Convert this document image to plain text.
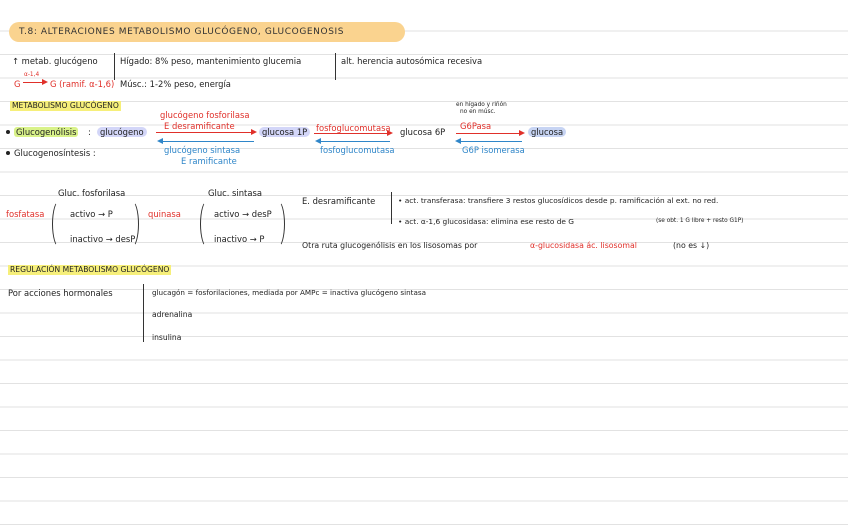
T.8: ALTERACIONES METABOLISMO GLUCÓGENO, GLUCOGENOSIS
↑ metab. glucógeno	Hígado: 8% peso, mantenimiento glucemia	alt. herencia autosómica recesiva
G
α-1,4
G (ramif. α-1,6) Músc.: 1-2% peso, energía
METABOLISMO GLUCÓGENO
Glucogenólisis :	glucógeno
glucógeno fosforilasa
E desramificante
glucosa 1P	fosfoglucomutasa glucosa 6P
en hígado y riñón
no en músc.
G6Pasa
glucosa
Glucogenosíntesis :	glucógeno sintasa
E ramificante
fosfoglucomutasa	G6P isomerasa
Gluc. fosforilasa	Gluc. sintasa
fosfatasa	quinasa
activo → P
inactivo → desP
activo → desP
inactivo → P
E. desramificante	• act. transferasa: transfiere 3 restos glucosídicos desde p. ramificación al ext. no red.
• act. α-1,6 glucosidasa: elimina ese resto de G	(se obt. 1 G libre + resto G1P)
Otra ruta glucogenólisis en los lisosomas por	α-glucosidasa ác. lisosomal	(no es ↓)
REGULACIÓN METABOLISMO GLUCÓGENO
Por acciones hormonales	glucagón = fosforilaciones, mediada por AMPc = inactiva glucógeno sintasa
adrenalina
insulina
